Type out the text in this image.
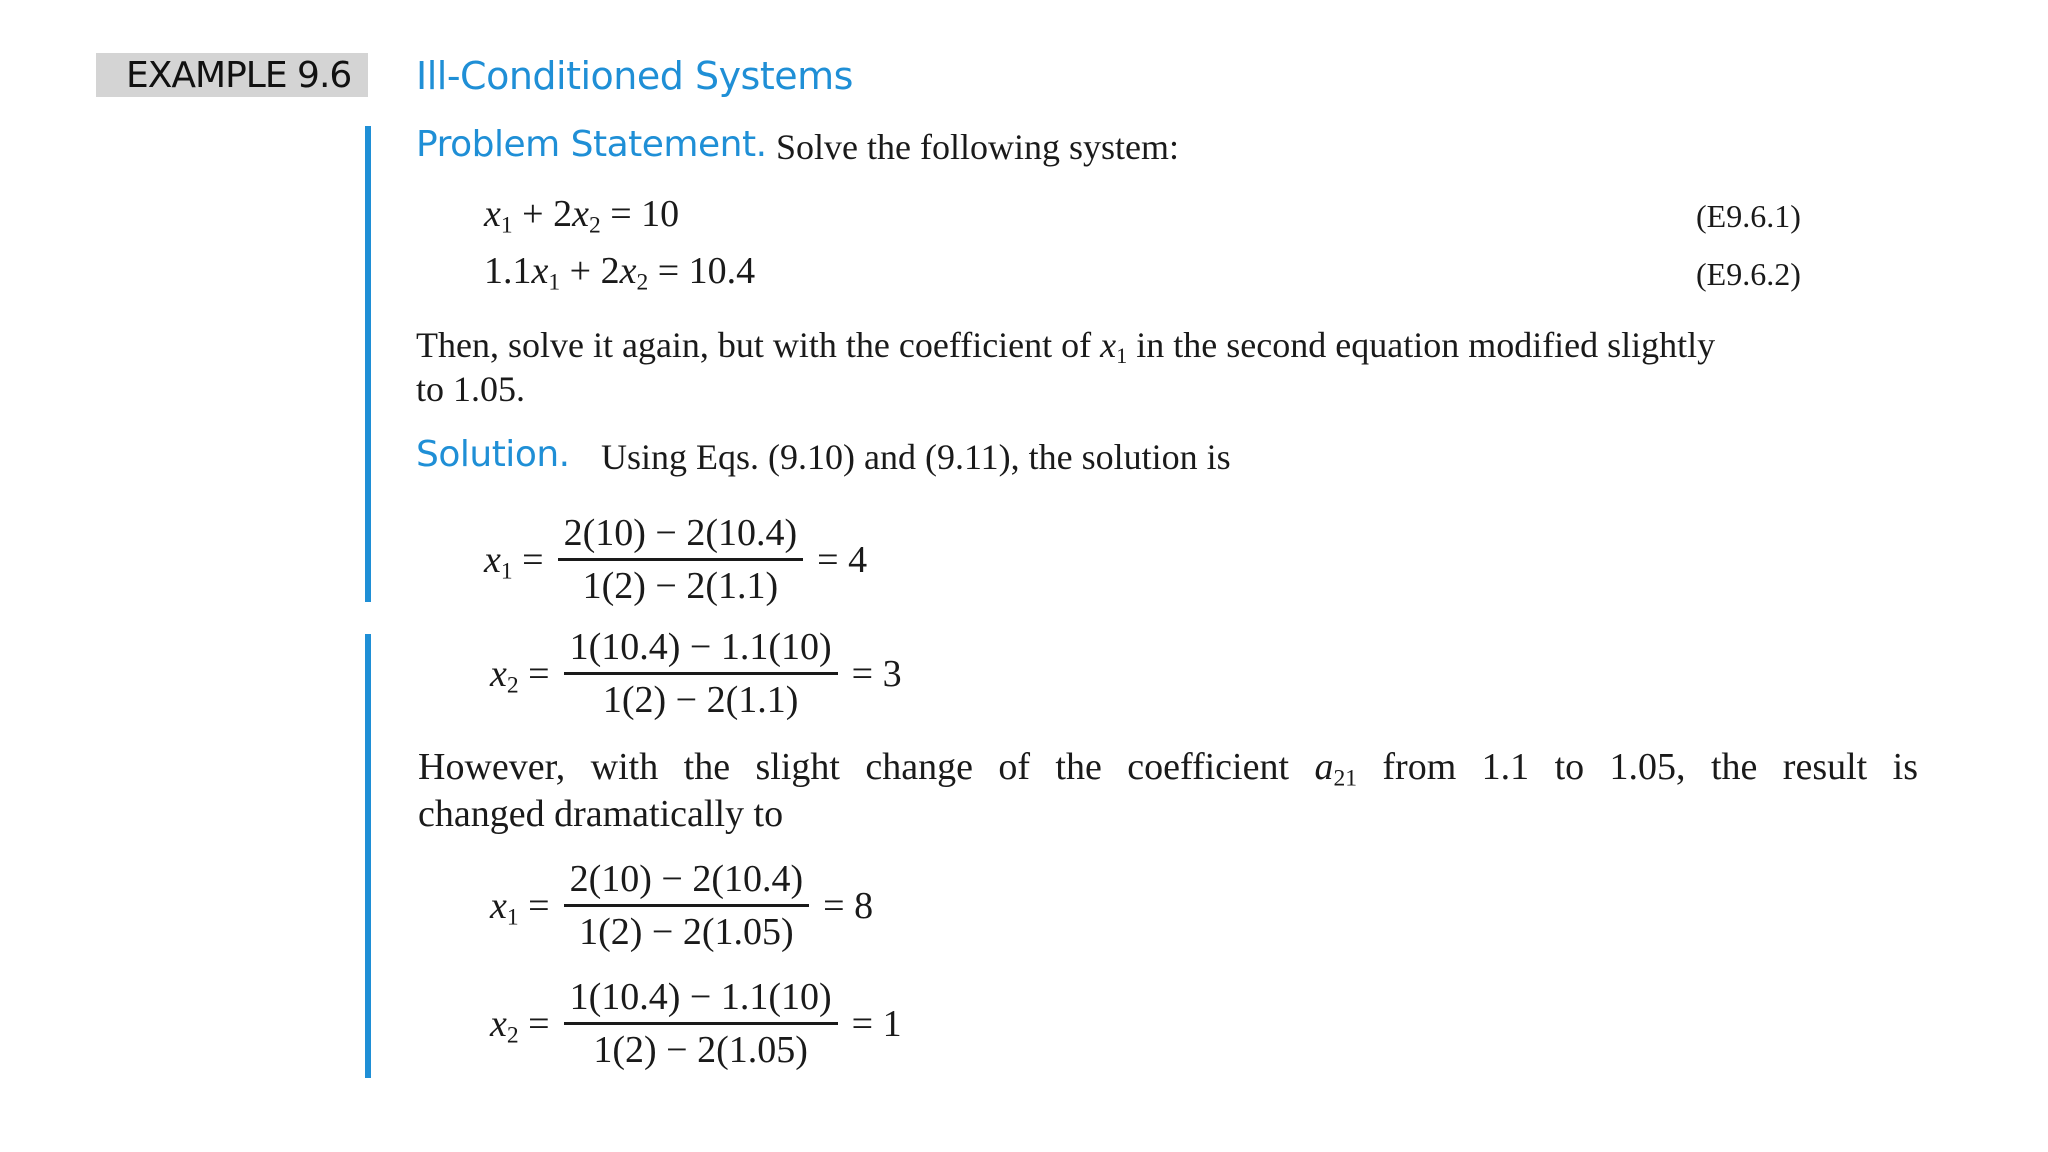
EXAMPLE 9.6 Ill-Conditioned Systems
Problem Statement. Solve the following system:
$x_1 + 2x_2 = 10$	(E9.6.1)
$1.1x_1 + 2x_2 = 10.4$	(E9.6.2)
Then, solve it again, but with the coefficient of $x_1$ in the second equation modified slightly
to 1.05.
Solution. Using Eqs. (9.10) and (9.11), the solution is
$x_1 = \frac{2(10) - 2(10.4)}{1(2) - 2(1.1)} = 4$
$x_2 = \frac{1(10.4) - 1.1(10)}{1(2) - 2(1.1)} = 3$
However, with the slight change of the coefficient $a_{21}$ from 1.1 to 1.05, the result is
changed dramatically to
$x_1 = \frac{2(10) - 2(10.4)}{1(2) - 2(1.05)} = 8$
$x_2 = \frac{1(10.4) - 1.1(10)}{1(2) - 2(1.05)} = 1$
